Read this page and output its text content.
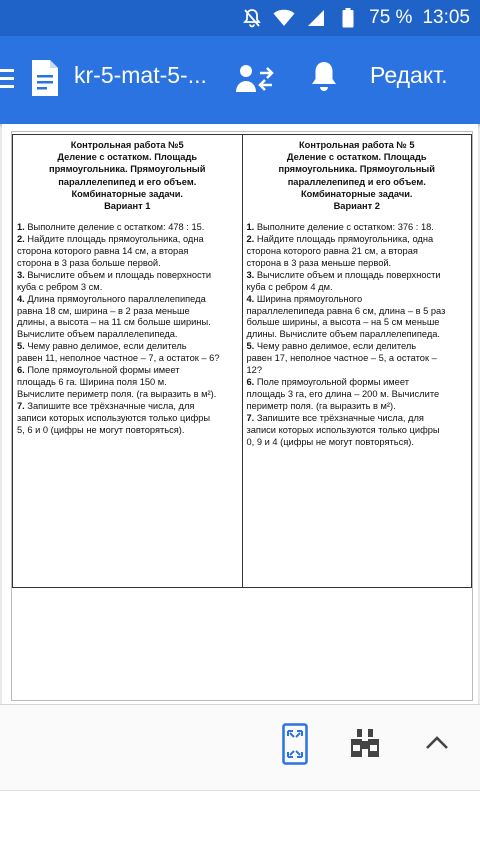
75 % 13:05
kr-5-mat-5-...	Редакт.
Контрольная работа №5
Деление с остатком. Площадь
прямоугольника. Прямоугольный
параллелепипед и его объем.
Комбинаторные задачи.
Вариант 1

1. Выполните деление с остатком: 478 : 15.

2. Найдите площадь прямоугольника, одна
сторона которого равна 14 см, а вторая
сторона в 3 раза больше первой.

3. Вычислите объем и площадь поверхности
куба с ребром 3 см.

4. Длина прямоугольного параллелепипеда
равна 18 см, ширина – в 2 раза меньше
длины, а высота – на 11 см больше ширины.
Вычислите объем параллелепипеда.

5. Чему равно делимое, если делитель
равен 11, неполное частное – 7, а остаток – 6?

6. Поле прямоугольной формы имеет
площадь 6 га. Ширина поля 150 м.
Вычислите периметр поля. (га выразить в м²).

7. Запишите все трёхзначные числа, для
записи которых используются только цифры
5, 6 и 0 (цифры не могут повторяться).

Контрольная работа № 5
Деление с остатком. Площадь
прямоугольника. Прямоугольный
параллелепипед и его объем.
Комбинаторные задачи.
Вариант 2

1. Выполните деление с остатком: 376 : 18.

2. Найдите площадь прямоугольника, одна
сторона которого равна 21 см, а вторая
сторона в 3 раза меньше первой.

3. Вычислите объем и площадь поверхности
куба с ребром 4 дм.

4. Ширина прямоугольного
параллелепипеда равна 6 см, длина – в 5 раз
больше ширины, а высота – на 5 см меньше
длины. Вычислите объем параллелепипеда.

5. Чему равно делимое, если делитель
равен 17, неполное частное – 5, а остаток –
12?

6. Поле прямоугольной формы имеет
площадь 3 га, его длина – 200 м. Вычислите
периметр поля. (га выразить в м²).

7. Запишите все трёхзначные числа, для
записи которых используются только цифры
0, 9 и 4 (цифры не могут повторяться).
